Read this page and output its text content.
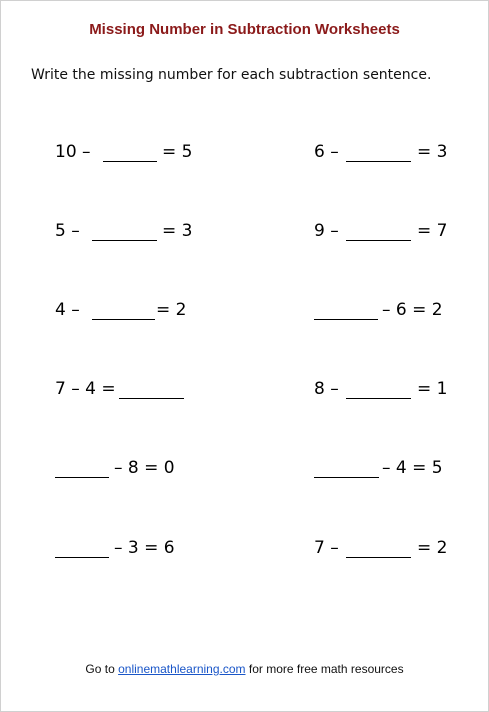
Missing Number in Subtraction Worksheets
Write the missing number for each subtraction sentence.
10 –	= 5	6 –	= 3
5 –	= 3	9 –	= 7
4 –	= 2	– 6 = 2
7 – 4 =	8 –	= 1
– 8 = 0	– 4 = 5
– 3 = 6	7 –	= 2
Go to onlinemathlearning.com for more free math resources
